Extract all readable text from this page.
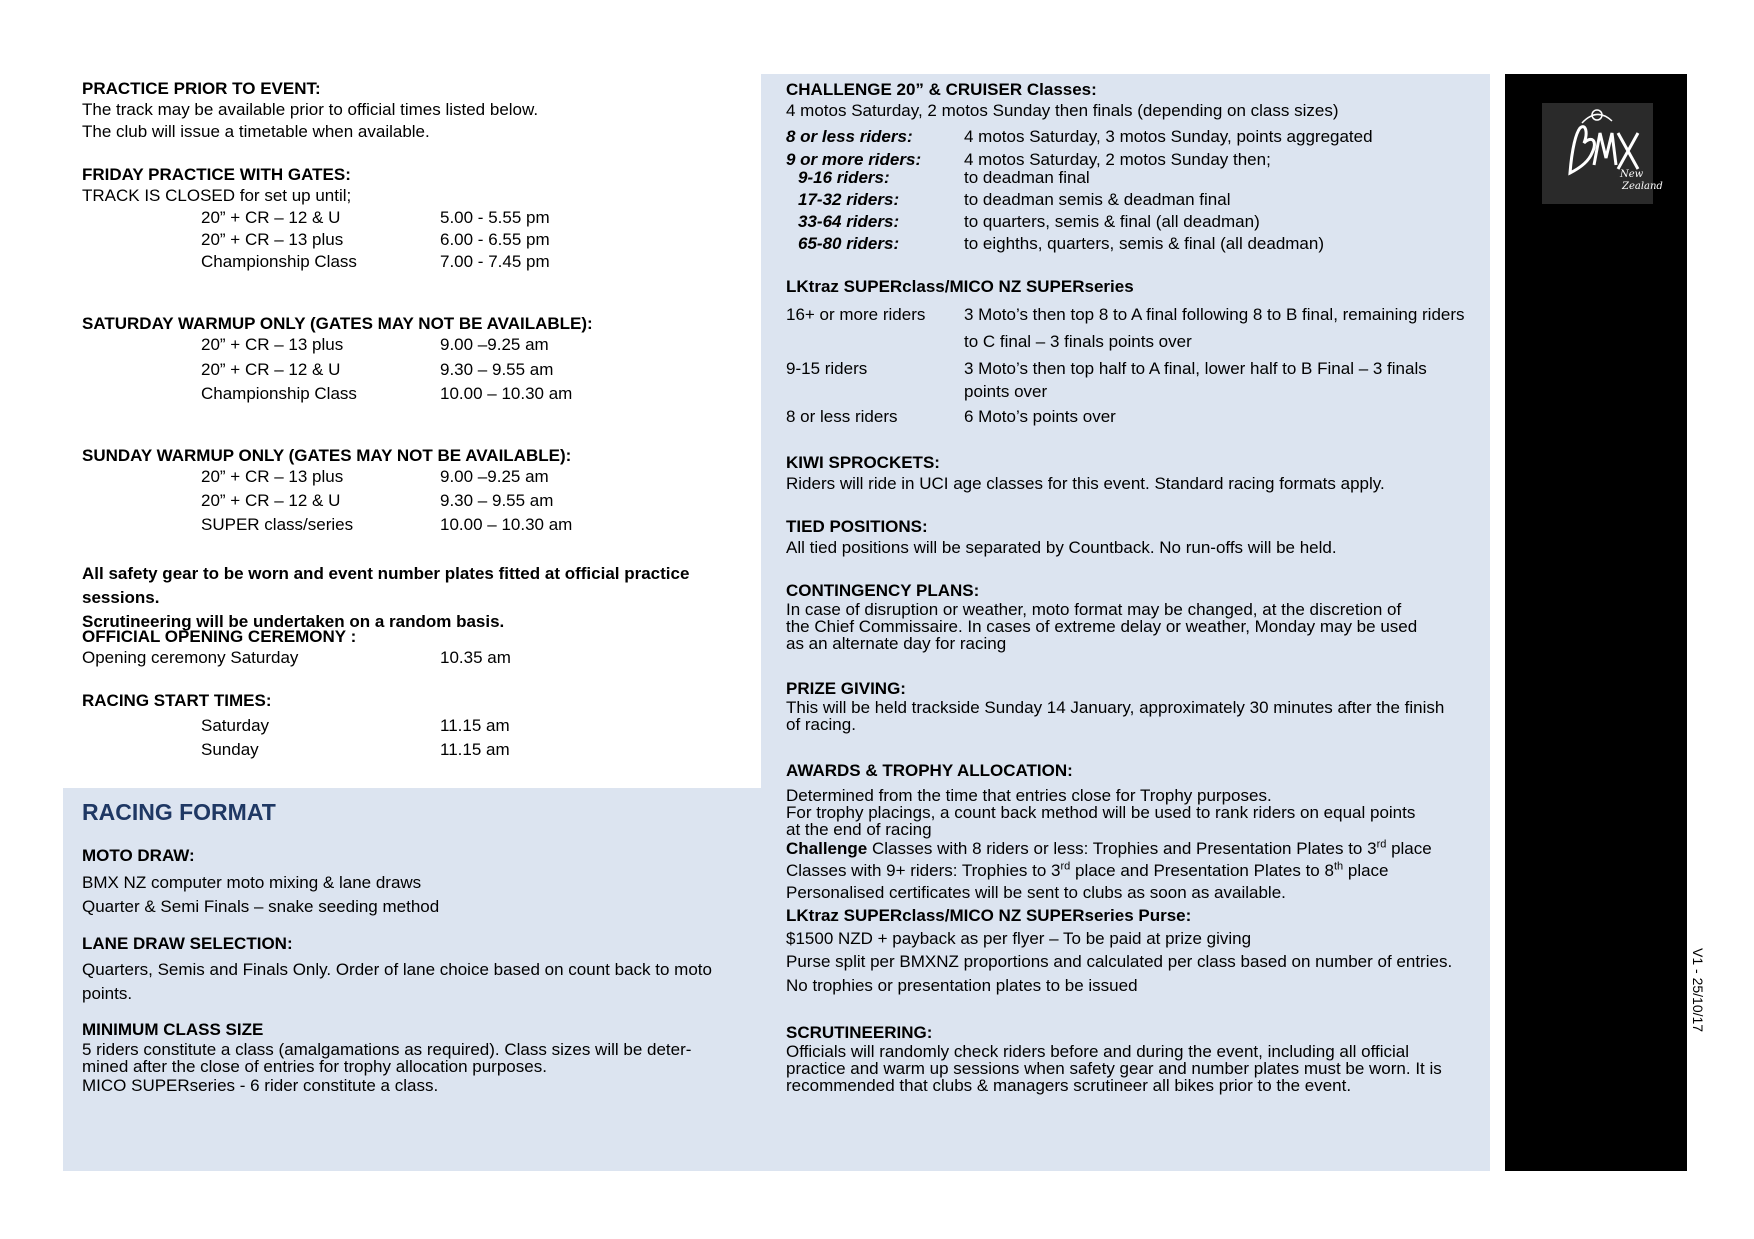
New
Zealand
V1 - 25/10/17
PRACTICE PRIOR TO EVENT:
The track may be available prior to official times listed below.
The club will issue a timetable when available.
FRIDAY PRACTICE WITH GATES:
TRACK IS CLOSED for set up until;
20” + CR – 12 & U	5.00 - 5.55 pm
20” + CR – 13 plus	6.00 - 6.55 pm
Championship Class	7.00 - 7.45 pm
SATURDAY WARMUP ONLY (GATES MAY NOT BE AVAILABLE):
20” + CR – 13 plus	9.00 –9.25 am
20” + CR – 12 & U	9.30 – 9.55 am
Championship Class	10.00 – 10.30 am
SUNDAY WARMUP ONLY (GATES MAY NOT BE AVAILABLE):
20” + CR – 13 plus	9.00 –9.25 am
20” + CR – 12 & U	9.30 – 9.55 am
SUPER class/series	10.00 – 10.30 am
All safety gear to be worn and event number plates fitted at official practice sessions.
Scrutineering will be undertaken on a random basis.
OFFICIAL OPENING CEREMONY :
Opening ceremony Saturday	10.35 am
RACING START TIMES:
Saturday	11.15 am
Sunday	11.15 am
RACING FORMAT
MOTO DRAW:
BMX NZ computer moto mixing & lane draws
Quarter & Semi Finals – snake seeding method
LANE DRAW SELECTION:
Quarters, Semis and Finals Only. Order of lane choice based on count back to moto points.
MINIMUM CLASS SIZE
5 riders constitute a class (amalgamations as required). Class sizes will be deter-
mined after the close of entries for trophy allocation purposes.
MICO SUPERseries - 6 rider constitute a class.
CHALLENGE 20” & CRUISER Classes:
4 motos Saturday, 2 motos Sunday then finals (depending on class sizes)
8 or less riders:	4 motos Saturday, 3 motos Sunday, points aggregated
9 or more riders:	4 motos Saturday, 2 motos Sunday then;
9-16 riders:	to deadman final
17-32 riders:	to deadman semis & deadman final
33-64 riders:	to quarters, semis & final (all deadman)
65-80 riders:	to eighths, quarters, semis & final (all deadman)
LKtraz SUPERclass/MICO NZ SUPERseries
16+ or more riders	3 Moto’s then top 8 to A final following 8 to B final, remaining riders to C final – 3 finals points over
9-15 riders	3 Moto’s then top half to A final, lower half to B Final – 3 finals points over
8 or less riders	6 Moto’s points over
KIWI SPROCKETS:
Riders will ride in UCI age classes for this event. Standard racing formats apply.
TIED POSITIONS:
All tied positions will be separated by Countback. No run-offs will be held.
CONTINGENCY PLANS:
In case of disruption or weather, moto format may be changed, at the discretion of
the Chief Commissaire. In cases of extreme delay or weather, Monday may be used
as an alternate day for racing
PRIZE GIVING:
This will be held trackside Sunday 14 January, approximately 30 minutes after the finish
of racing.
AWARDS & TROPHY ALLOCATION:
Determined from the time that entries close for Trophy purposes.
For trophy placings, a count back method will be used to rank riders on equal points
at the end of racing
Challenge Classes with 8 riders or less: Trophies and Presentation Plates to 3rd place
Classes with 9+ riders: Trophies to 3rd place and Presentation Plates to 8th place
Personalised certificates will be sent to clubs as soon as available.
LKtraz SUPERclass/MICO NZ SUPERseries Purse:
$1500 NZD + payback as per flyer – To be paid at prize giving
Purse split per BMXNZ proportions and calculated per class based on number of entries.
No trophies or presentation plates to be issued
SCRUTINEERING:
Officials will randomly check riders before and during the event, including all official
practice and warm up sessions when safety gear and number plates must be worn. It is
recommended that clubs & managers scrutineer all bikes prior to the event.
